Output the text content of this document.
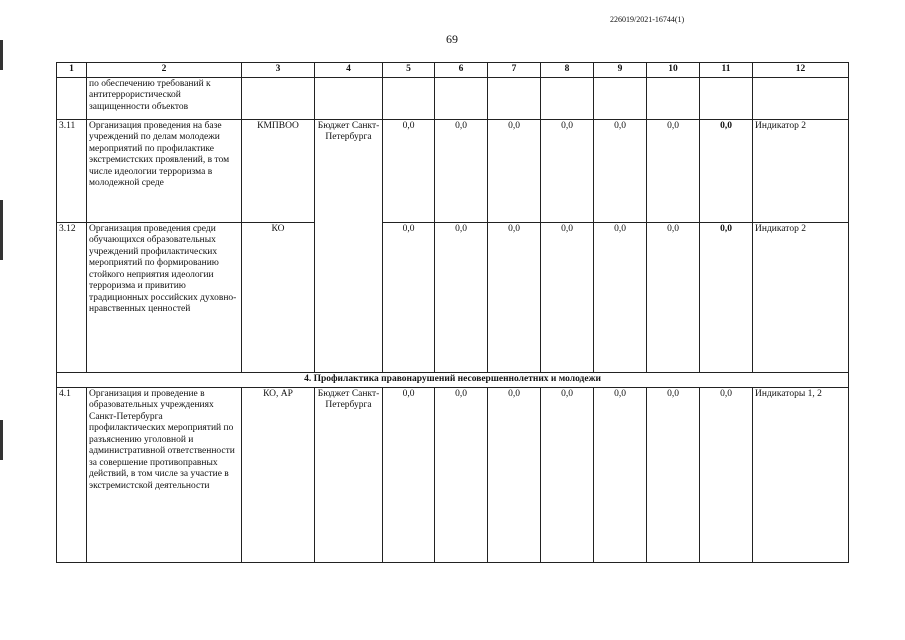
226019/2021-16744(1)
69
1	2	3	4	5	6	7	8	9	10	11	12
	по обеспечению требований к антитеррористической защищенности объектов										
3.11	Организация проведения на базе учреждений по делам молодежи мероприятий по профилактике экстремистских проявлений, в том числе идеологии терроризма в молодежной среде	КМПВОО	Бюджет Санкт-Петербурга	0,0	0,0	0,0	0,0	0,0	0,0	0,0	Индикатор 2
3.12	Организация проведения среди обучающихся образовательных учреждений профилактических мероприятий по формированию стойкого неприятия идеологии терроризма и привитию традиционных российских духовно-нравственных ценностей	КО		0,0	0,0	0,0	0,0	0,0	0,0	0,0	Индикатор 2
4. Профилактика правонарушений несовершеннолетних и молодежи											
4.1	Организация и проведение в образовательных учреждениях Санкт-Петербурга профилактических мероприятий по разъяснению уголовной и административной ответственности за совершение противоправных действий, в том числе за участие в экстремистской деятельности	КО, АР	Бюджет Санкт-Петербурга	0,0	0,0	0,0	0,0	0,0	0,0	0,0	Индикаторы 1, 2
